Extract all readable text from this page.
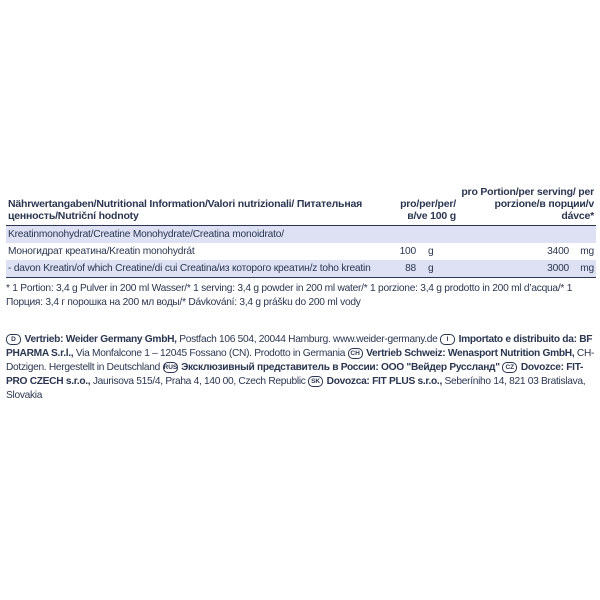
Nährwertangaben/Nutritional Information/Valori nutrizionali/ Питательная ценность/Nutriční hodnoty	pro/per/per/ в/ve 100 g		pro Portion/per serving/ per porzione/в порции/v dávce*	

Kreatinmonohydrat/Creatine Monohydrate/Creatina monoidrato/				
Моногидрат креатина/Kreatin monohydrát	100	g	3400	mg
- davon Kreatin/of which Creatine/di cui Creatina/из которого креатин/z toho kreatin	88	g	3000	mg

* 1 Portion: 3,4 g Pulver in 200 ml Wasser/* 1 serving: 3,4 g powder in 200 ml water/* 1 porzione: 3,4 g prodotto in 200 ml d’acqua/* 1 Порция: 3,4 г порошка на 200 мл воды/* Dávkování: 3,4 g prášku do 200 ml vody
D Vertrieb: Weider Germany GmbH, Postfach 106 504, 20044 Hamburg. www.weider-germany.de I Importato e distribuito da: BF PHARMA S.r.l., Via Monfalcone 1 – 12045 Fossano (CN). Prodotto in Germania CH Vertrieb Schweiz: Wenasport Nutrition GmbH, CH-Dotzigen. Hergestellt in Deutschland RUS Эксклюзивный представитель в России: ООО "Вейдер Руссланд" CZ Dovozce: FIT-PRO CZECH s.r.o., Jaurisova 515/4, Praha 4, 140 00, Czech Republic SK Dovozca: FIT PLUS s.r.o., Seberíniho 14, 821 03 Bratislava, Slovakia
